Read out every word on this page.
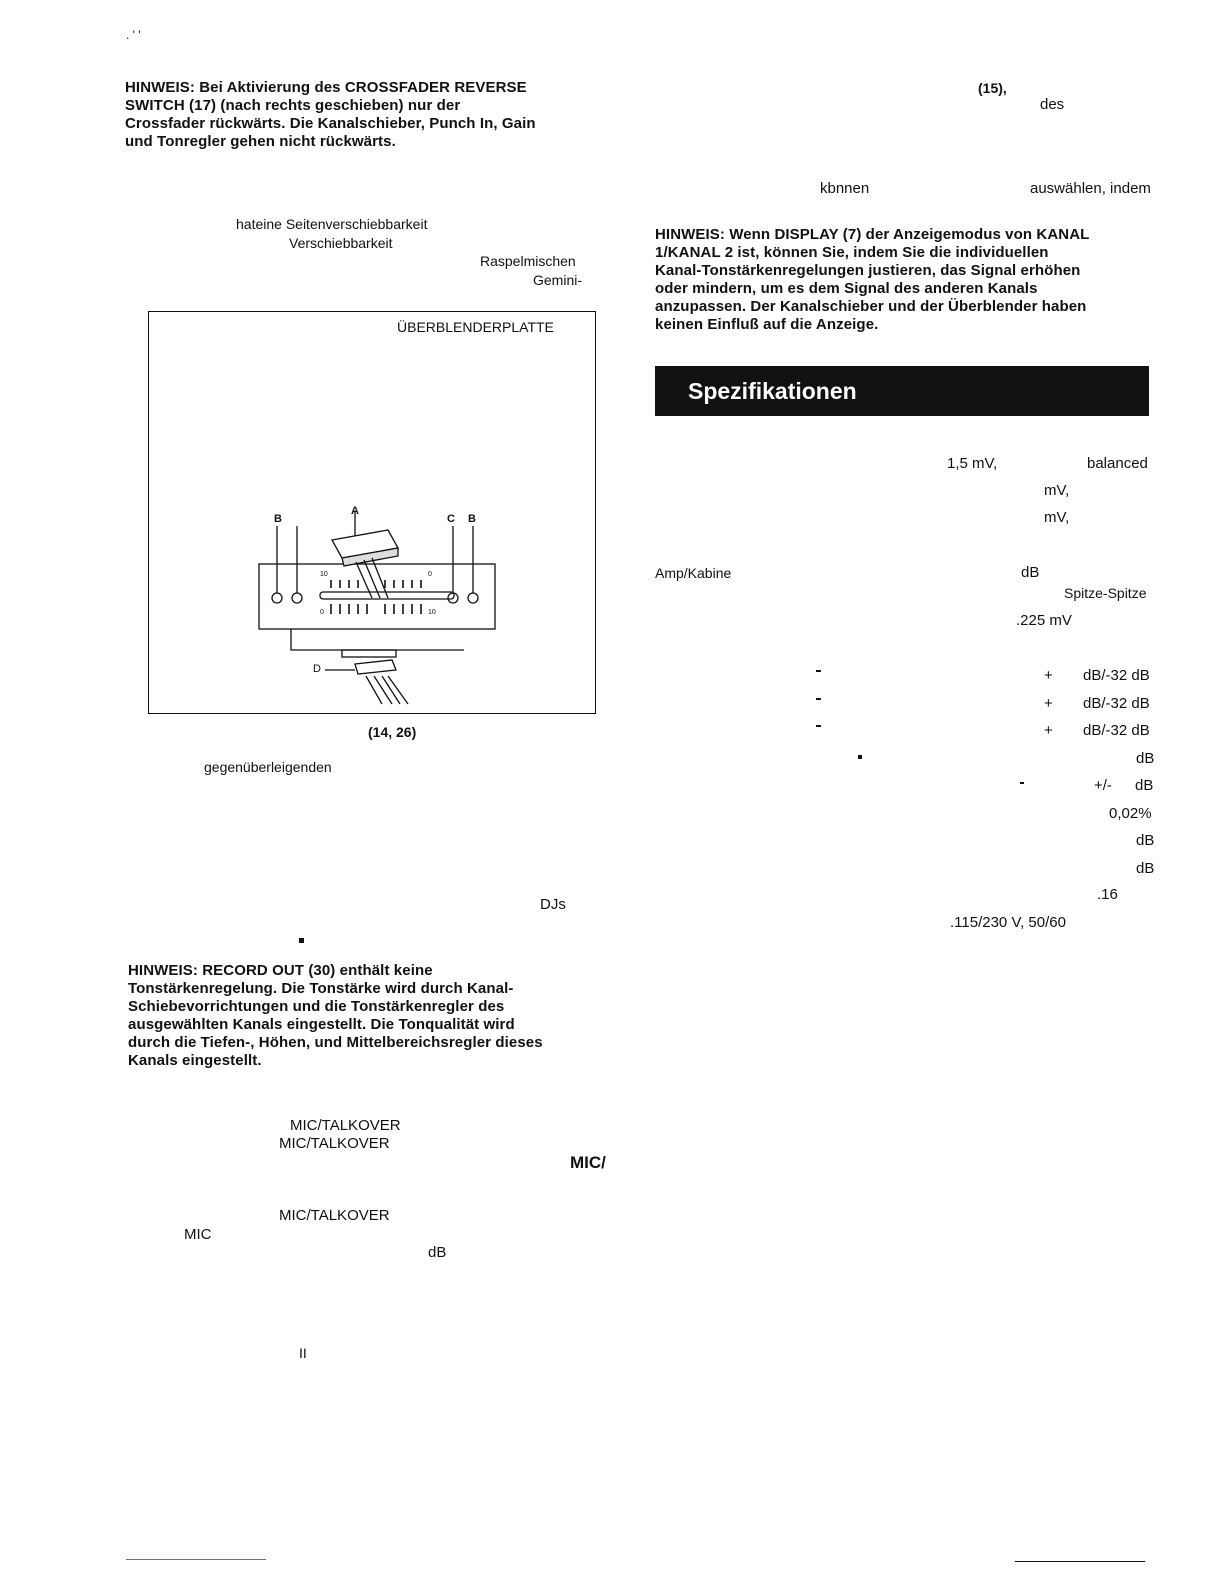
. ' '
HINWEIS: Bei Aktivierung des CROSSFADER REVERSE
SWITCH (17) (nach rechts geschieben) nur der
Crossfader rückwärts. Die Kanalschieber, Punch In, Gain
und Tonregler gehen nicht rückwärts.
hateine Seitenverschiebbarkeit
Verschiebbarkeit
Raspelmischen
Gemini-
ÜBERBLENDERPLATTE
A
B	C B
D
10	0
0	10
(14, 26)
gegenüberleigenden
DJs
HINWEIS: RECORD OUT (30) enthält keine
Tonstärkenregelung. Die Tonstärke wird durch Kanal-
Schiebevorrichtungen und die Tonstärkenregler des
ausgewählten Kanals eingestellt. Die Tonqualität wird
durch die Tiefen-, Höhen, und Mittelbereichsregler dieses
Kanals eingestellt.
MIC/TALKOVER
MIC/TALKOVER
MIC/
MIC/TALKOVER
MIC
dB
II
(15),
des
kbnnen	auswählen, indem
HINWEIS: Wenn DISPLAY (7) der Anzeigemodus von KANAL
1/KANAL 2 ist, können Sie, indem Sie die individuellen
Kanal-Tonstärkenregelungen justieren, das Signal erhöhen
oder mindern, um es dem Signal des anderen Kanals
anzupassen. Der Kanalschieber und der Überblender haben
keinen Einfluß auf die Anzeige.
Spezifikationen
1,5 mV,	balanced
mV,
mV,
Amp/Kabine	dB
Spitze-Spitze
.225 mV
+ dB/-32 dB
+ dB/-32 dB
+ dB/-32 dB
dB
+/- dB
0,02%
dB
dB
.16
.115/230 V, 50/60
